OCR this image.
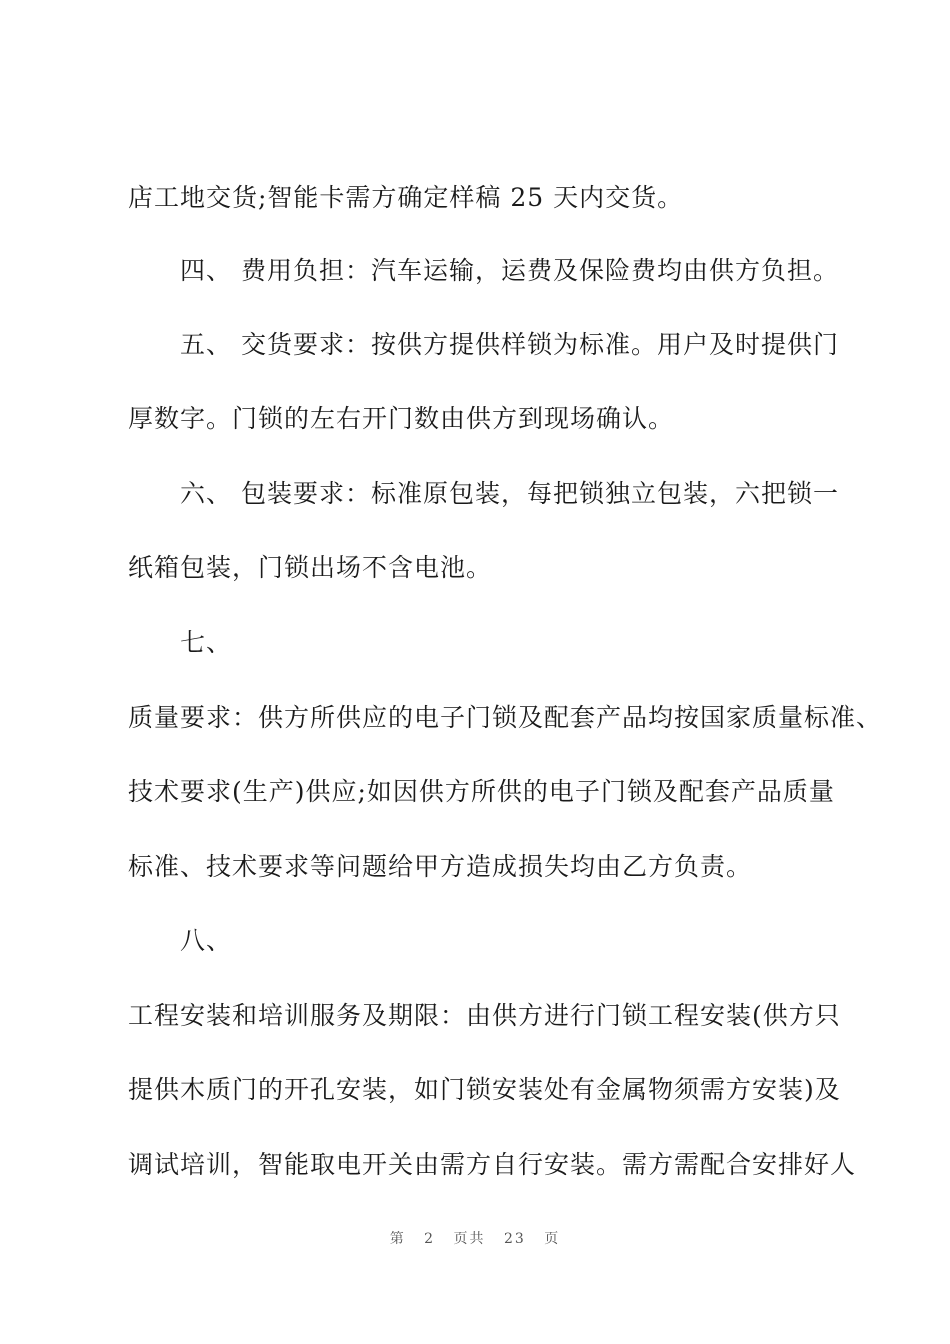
店工地交货;智能卡需方确定样稿 25 天内交货。
四、 费用负担：汽车运输，运费及保险费均由供方负担。
五、 交货要求：按供方提供样锁为标准。用户及时提供门
厚数字。门锁的左右开门数由供方到现场确认。
六、 包装要求：标准原包装，每把锁独立包装，六把锁一
纸箱包装，门锁出场不含电池。
七、
质量要求：供方所供应的电子门锁及配套产品均按国家质量标准、
技术要求(生产)供应;如因供方所供的电子门锁及配套产品质量
标准、技术要求等问题给甲方造成损失均由乙方负责。
八、
工程安装和培训服务及期限：由供方进行门锁工程安装(供方只
提供木质门的开孔安装，如门锁安装处有金属物须需方安装)及
调试培训，智能取电开关由需方自行安装。需方需配合安排好人
第 2 页共 23 页
